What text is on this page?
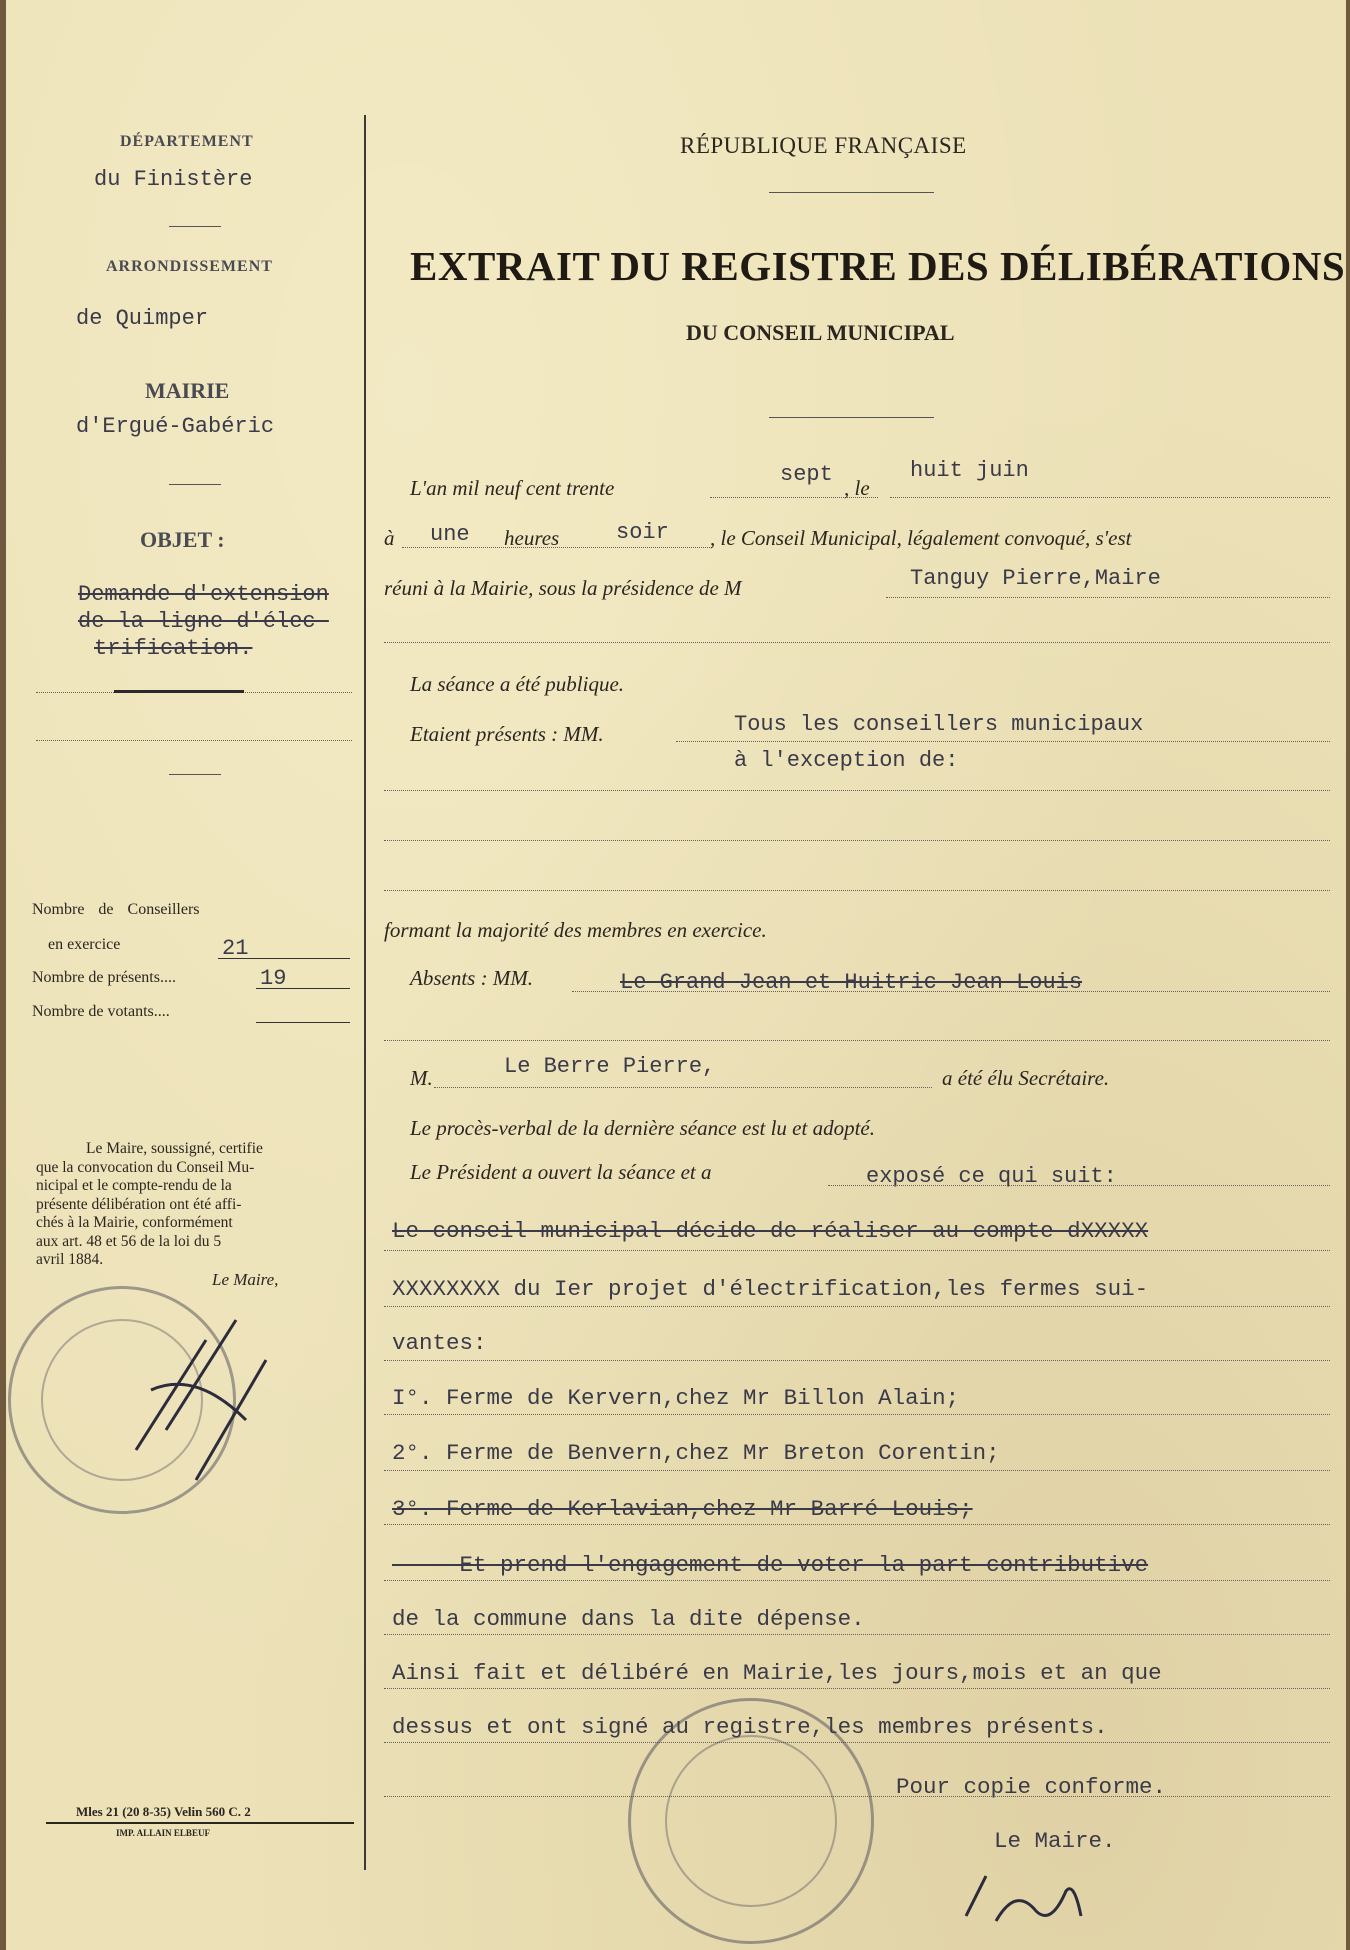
DÉPARTEMENT
du Finistère
ARRONDISSEMENT
de Quimper
MAIRIE
d'Ergué-Gabéric
OBJET :
Demande d'extension
de la ligne d'élec-
trification.
Nombre de Conseillers
en exercice	21
Nombre de présents....	19
Nombre de votants....
Le Maire, soussigné, certifie
que la convocation du Conseil Mu-
nicipal et le compte-rendu de la
présente délibération ont été affi-
chés à la Mairie, conformément
aux art. 48 et 56 de la loi du 5
avril 1884.
Le Maire,
Mles 21 (20 8-35) Velin 560 C. 2
IMP. ALLAIN ELBEUF
RÉPUBLIQUE FRANÇAISE
EXTRAIT DU REGISTRE DES DÉLIBÉRATIONS
DU CONSEIL MUNICIPAL
L'an mil neuf cent trente
sept
, le
huit juin
à une heures	soir , le Conseil Municipal, légalement convoqué, s'est
réuni à la Mairie, sous la présidence de M	Tanguy Pierre,Maire
La séance a été publique.
Etaient présents : MM.	Tous les conseillers municipaux
à l'exception de:
formant la majorité des membres en exercice.
Absents : MM.	Le Grand Jean et Huitric Jean Louis
M.	Le Berre Pierre,	a été élu Secrétaire.
Le procès-verbal de la dernière séance est lu et adopté.
Le Président a ouvert la séance et a	exposé ce qui suit:
Le conseil municipal décide de réaliser au compte dXXXXX
XXXXXXXX du Ier projet d'électrification,les fermes sui-
vantes:
I°. Ferme de Kervern,chez Mr Billon Alain;
2°. Ferme de Benvern,chez Mr Breton Corentin;
3°. Ferme de Kerlavian,chez Mr Barré Louis;
Et prend l'engagement de voter la part contributive
de la commune dans la dite dépense.
Ainsi fait et délibéré en Mairie,les jours,mois et an que
dessus et ont signé au registre,les membres présents.
Pour copie conforme.
Le Maire.
